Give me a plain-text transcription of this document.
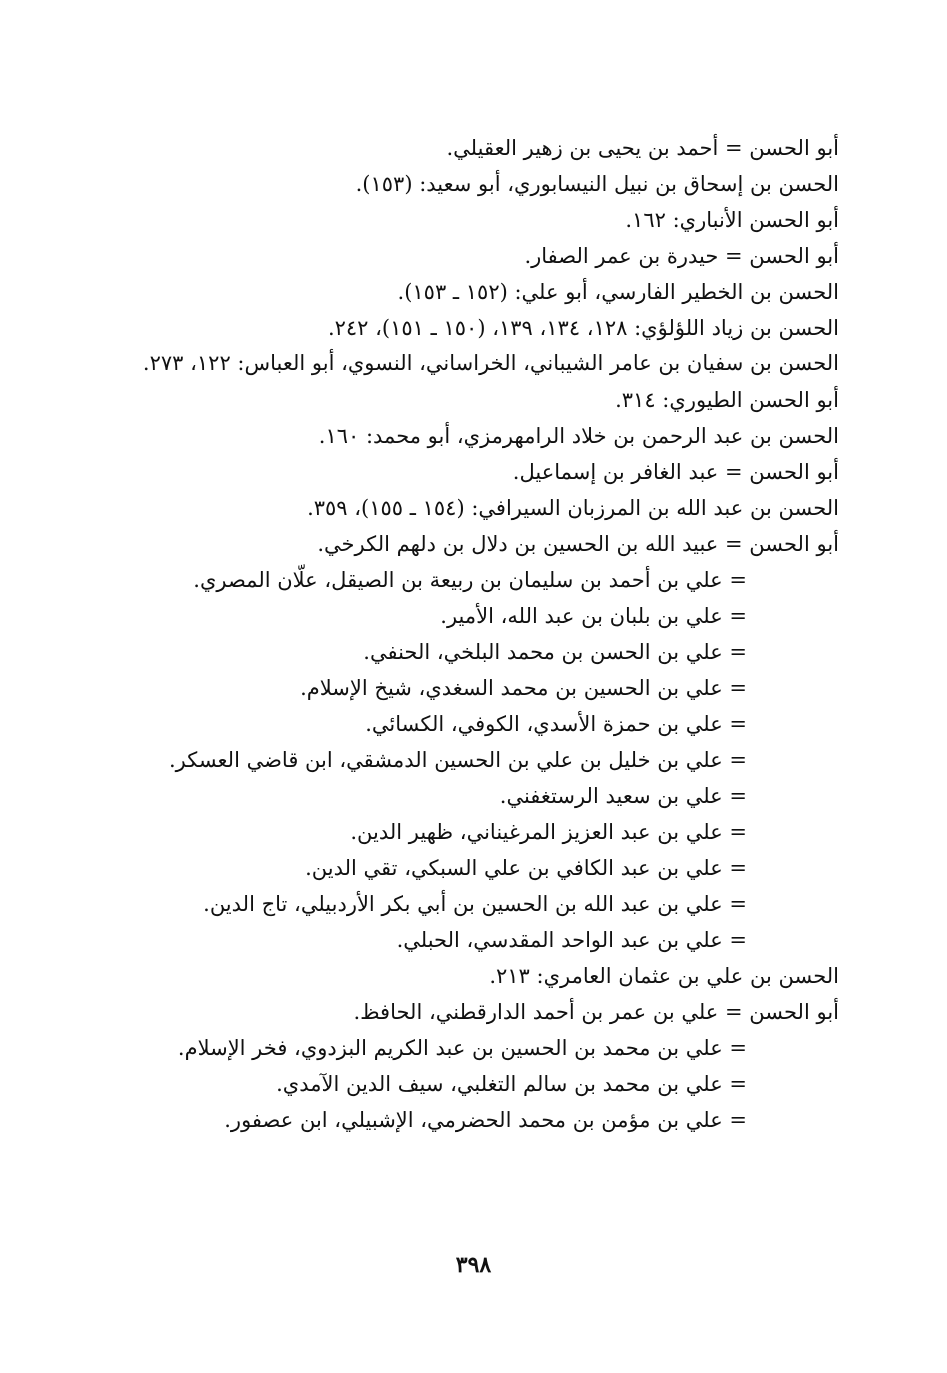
أبو الحسن = أحمد بن يحيى بن زهير العقيلي.
الحسن بن إسحاق بن نبيل النيسابوري، أبو سعيد: (١٥٣).
أبو الحسن الأنباري: ١٦٢.
أبو الحسن = حيدرة بن عمر الصفار.
الحسن بن الخطير الفارسي، أبو علي: (١٥٢ ـ ١٥٣).
الحسن بن زياد اللؤلؤي: ١٢٨، ١٣٤، ١٣٩، (١٥٠ ـ ١٥١)، ٢٤٢.
الحسن بن سفيان بن عامر الشيباني، الخراساني، النسوي، أبو العباس: ١٢٢، ٢٧٣.
أبو الحسن الطيوري: ٣١٤.
الحسن بن عبد الرحمن بن خلاد الرامهرمزي، أبو محمد: ١٦٠.
أبو الحسن = عبد الغافر بن إسماعيل.
الحسن بن عبد الله بن المرزبان السيرافي: (١٥٤ ـ ١٥٥)، ٣٥٩.
أبو الحسن = عبيد الله بن الحسين بن دلال بن دلهم الكرخي.
= علي بن أحمد بن سليمان بن ربيعة بن الصيقل، علّان المصري.
= علي بن بلبان بن عبد الله، الأمير.
= علي بن الحسن بن محمد البلخي، الحنفي.
= علي بن الحسين بن محمد السغدي، شيخ الإسلام.
= علي بن حمزة الأسدي، الكوفي، الكسائي.
= علي بن خليل بن علي بن الحسين الدمشقي، ابن قاضي العسكر.
= علي بن سعيد الرستغفني.
= علي بن عبد العزيز المرغيناني، ظهير الدين.
= علي بن عبد الكافي بن علي السبكي، تقي الدين.
= علي بن عبد الله بن الحسين بن أبي بكر الأردبيلي، تاج الدين.
= علي بن عبد الواحد المقدسي، الحبلي.
الحسن بن علي بن عثمان العامري: ٢١٣.
أبو الحسن = علي بن عمر بن أحمد الدارقطني، الحافظ.
= علي بن محمد بن الحسين بن عبد الكريم البزدوي، فخر الإسلام.
= علي بن محمد بن سالم التغلبي، سيف الدين الآمدي.
= علي بن مؤمن بن محمد الحضرمي، الإشبيلي، ابن عصفور.
٣٩٨
